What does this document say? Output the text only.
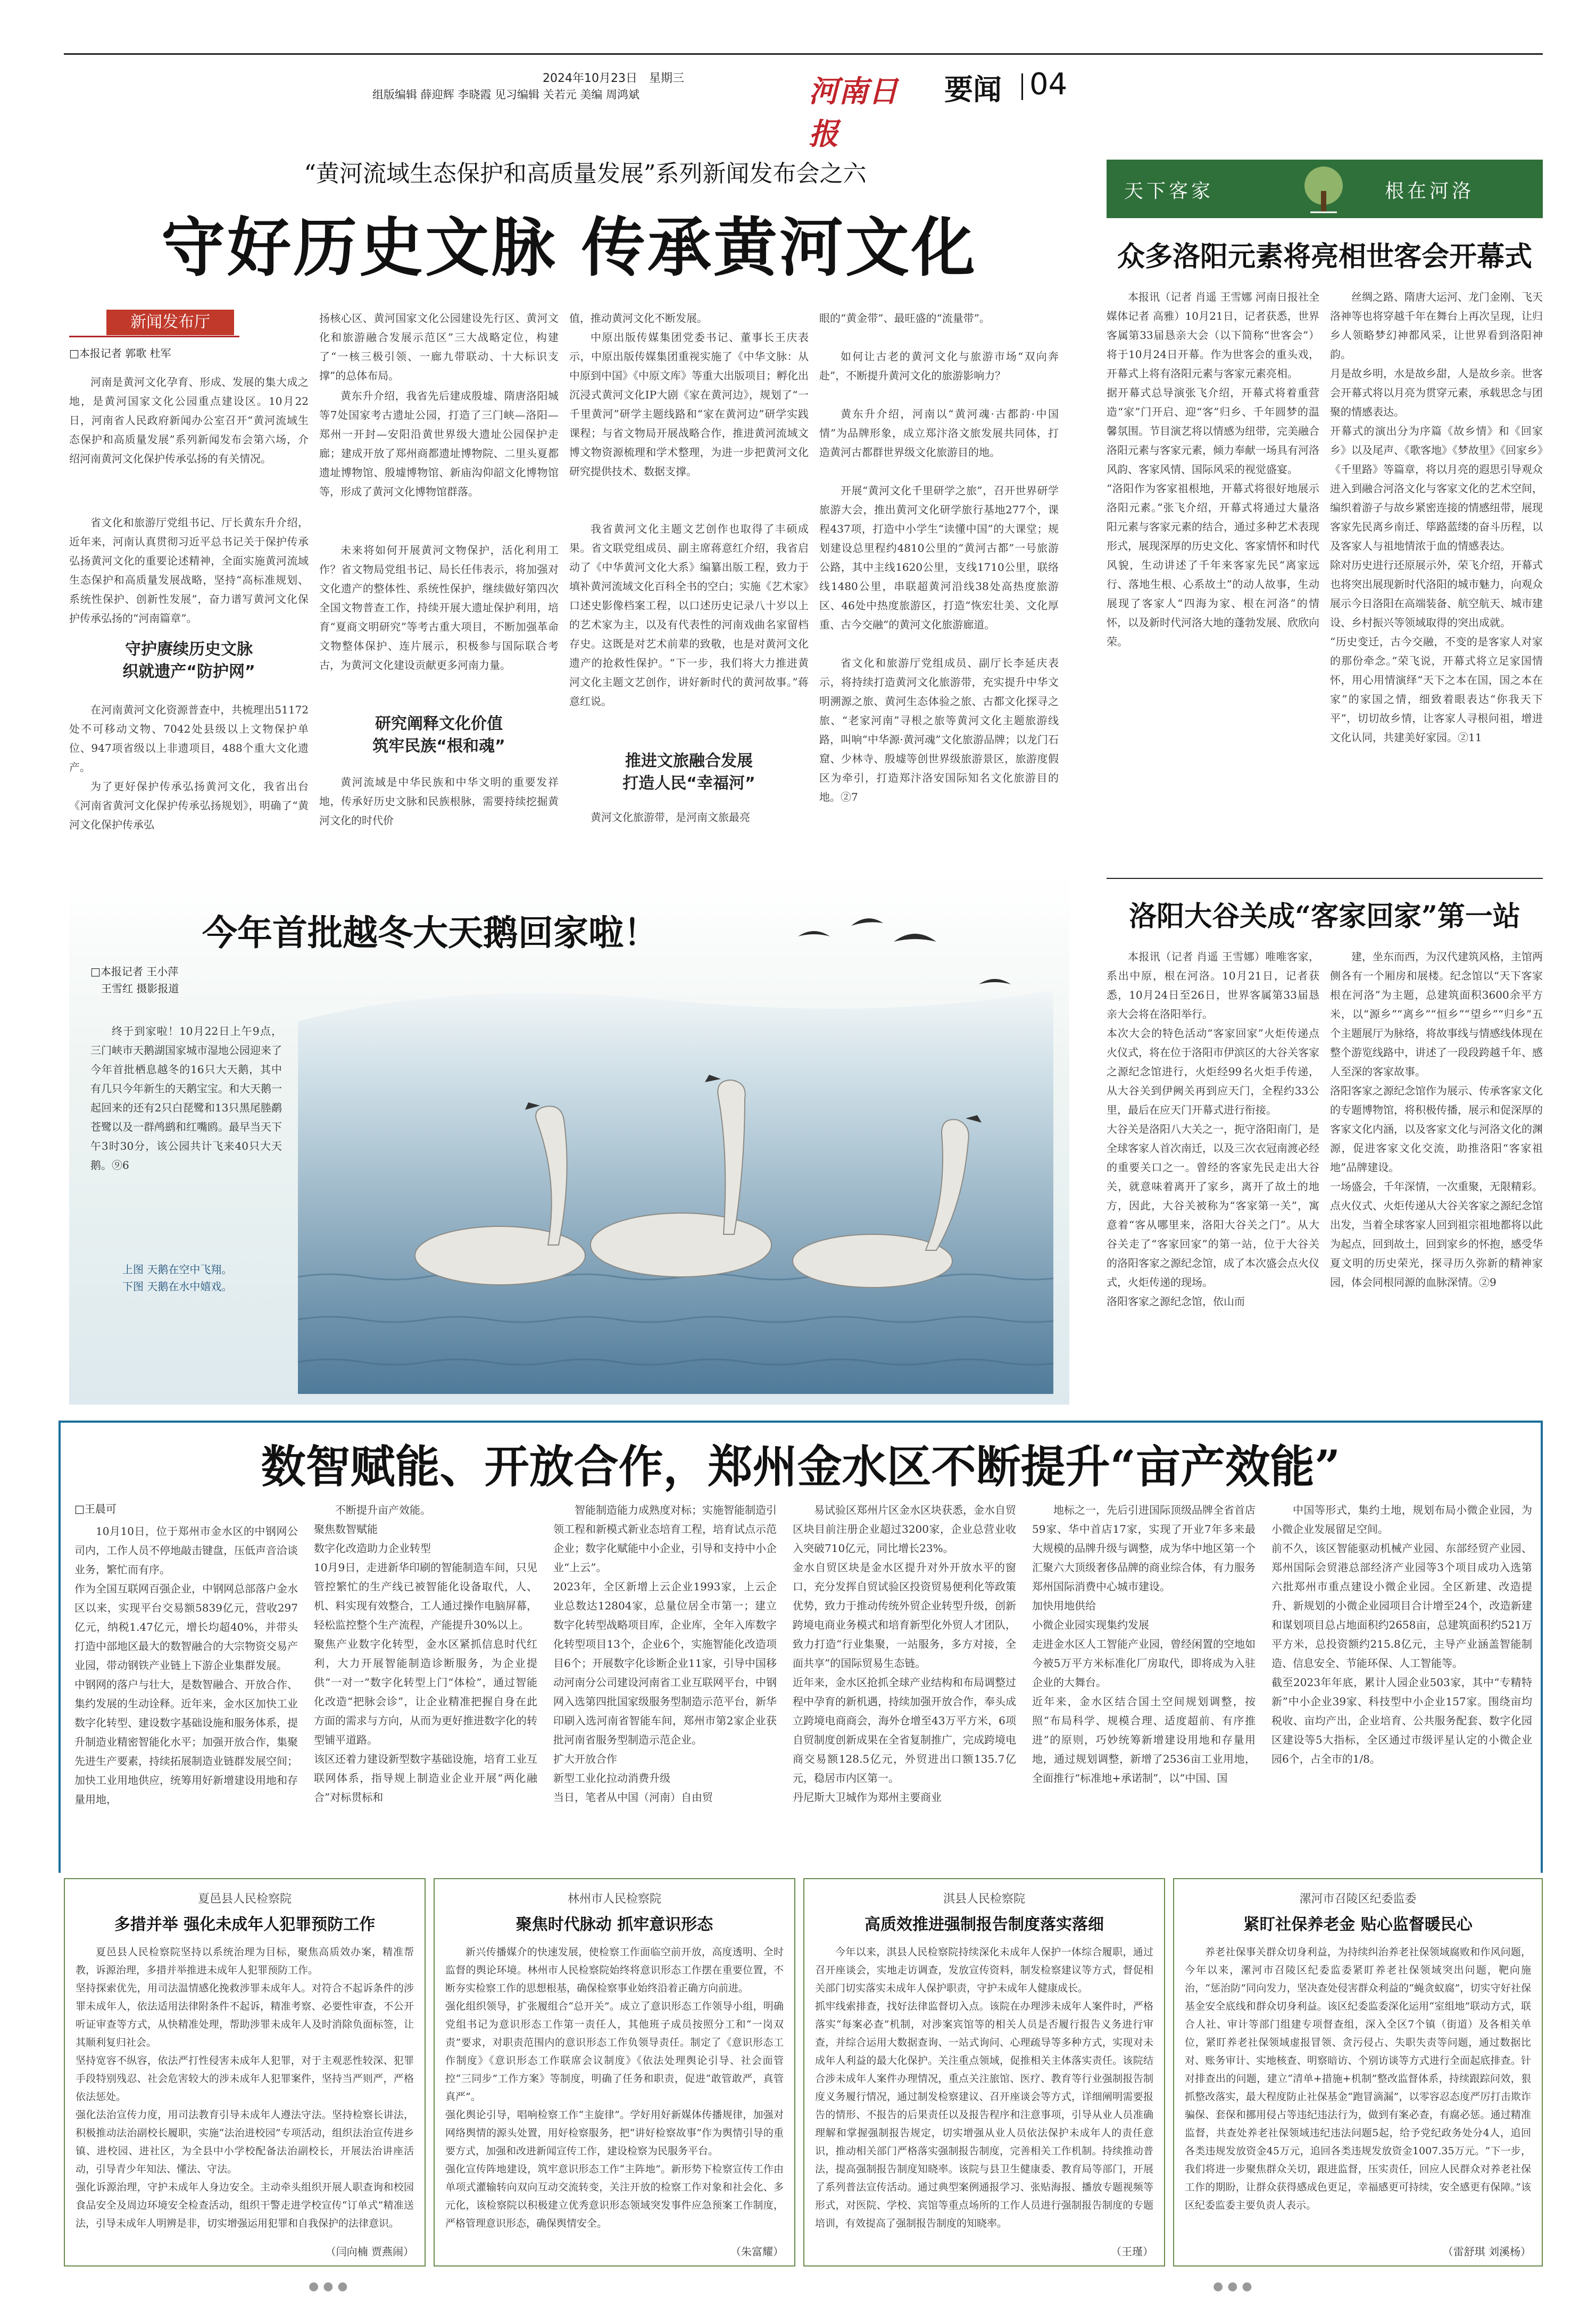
2024年10月23日　星期三
组版编辑 薛迎辉 李晓霞 见习编辑 关若元 美编 周鸿斌	河南日报
要闻 04
“黄河流域生态保护和高质量发展”系列新闻发布会之六
守好历史文脉 传承黄河文化
新闻发布厅
□本报记者 郭歌 杜军
河南是黄河文化孕育、形成、发展的集大成之地，是黄河国家文化公园重点建设区。10月22日，河南省人民政府新闻办公室召开“黄河流域生态保护和高质量发展”系列新闻发布会第六场，介绍河南黄河文化保护传承弘扬的有关情况。
省文化和旅游厅党组书记、厅长黄东升介绍，近年来，河南认真贯彻习近平总书记关于保护传承弘扬黄河文化的重要论述精神，全面实施黄河流域生态保护和高质量发展战略，坚持“高标准规划、系统性保护、创新性发展”，奋力谱写黄河文化保护传承弘扬的“河南篇章”。
守护赓续历史文脉
织就遗产“防护网”
在河南黄河文化资源普查中，共梳理出51172处不可移动文物、7042处县级以上文物保护单位、947项省级以上非遗项目，488个重大文化遗产。
为了更好保护传承弘扬黄河文化，我省出台《河南省黄河文化保护传承弘扬规划》，明确了“黄河文化保护传承弘
扬核心区、黄河国家文化公园建设先行区、黄河文化和旅游融合发展示范区”三大战略定位，构建了“一核三极引领、一廊九带联动、十大标识支撑”的总体布局。
黄东升介绍，我省先后建成殷墟、隋唐洛阳城等7处国家考古遗址公园，打造了三门峡—洛阳—郑州一开封—安阳沿黄世界级大遗址公园保护走廊；建成开放了郑州商都遗址博物院、二里头夏都遗址博物馆、殷墟博物馆、新庙沟仰韶文化博物馆等，形成了黄河文化博物馆群落。
未来将如何开展黄河文物保护，活化利用工作？省文物局党组书记、局长任伟表示，将加强对文化遗产的整体性、系统性保护，继续做好第四次全国文物普查工作，持续开展大遗址保护利用，培育“夏商文明研究”等考古重大项目，不断加强革命文物整体保护、连片展示，积极参与国际联合考古，为黄河文化建设贡献更多河南力量。
研究阐释文化价值
筑牢民族“根和魂”
黄河流域是中华民族和中华文明的重要发祥地，传承好历史文脉和民族根脉，需要持续挖掘黄河文化的时代价
值，推动黄河文化不断发展。
中原出版传媒集团党委书记、董事长王庆表示，中原出版传媒集团重视实施了《中华文脉：从中原到中国》《中原文库》等重大出版项目；孵化出沉浸式黄河文化IP大剧《家在黄河边》，规划了“一千里黄河”研学主题线路和“家在黄河边”研学实践课程；与省文物局开展战略合作，推进黄河流域文博文物资源梳理和学术整理，为进一步把黄河文化研究提供技术、数据支撑。
我省黄河文化主题文艺创作也取得了丰硕成果。省文联党组成员、副主席蒋意红介绍，我省启动了《中华黄河文化大系》编纂出版工程，致力于填补黄河流域文化百科全书的空白；实施《艺术家》口述史影像档案工程，以口述历史记录八十岁以上的艺术家为主，以及有代表性的河南戏曲名家留档存史。这既是对艺术前辈的致敬，也是对黄河文化遗产的抢救性保护。“下一步，我们将大力推进黄河文化主题文艺创作，讲好新时代的黄河故事。”蒋意红说。
推进文旅融合发展
打造人民“幸福河”
黄河文化旅游带，是河南文旅最亮
眼的“黄金带”、最旺盛的“流量带”。
如何让古老的黄河文化与旅游市场“双向奔赴”，不断提升黄河文化的旅游影响力？
黄东升介绍，河南以“黄河魂·古都韵·中国情”为品牌形象，成立郑汴洛文旅发展共同体，打造黄河古都群世界级文化旅游目的地。
开展“黄河文化千里研学之旅”，召开世界研学旅游大会，推出黄河文化研学旅行基地277个，课程437项，打造中小学生“读懂中国”的大课堂；规划建设总里程约4810公里的“黄河古都”一号旅游公路，其中主线1620公里，支线1710公里，联络线1480公里，串联超黄河沿线38处高热度旅游区、46处中热度旅游区，打造“恢宏壮美、文化厚重、古今交融”的黄河文化旅游廊道。
省文化和旅游厅党组成员、副厅长李延庆表示，将持续打造黄河文化旅游带，充实提升中华文明溯源之旅、黄河生态体验之旅、古都文化探寻之旅、“老家河南”寻根之旅等黄河文化主题旅游线路，叫响“中华源·黄河魂”文化旅游品牌；以龙门石窟、少林寺、殷墟等创世界级旅游景区，旅游度假区为牵引，打造郑汴洛安国际知名文化旅游目的地。②7
今年首批越冬大天鹅回家啦！
□本报记者 王小萍
　王雪红 摄影报道
终于到家啦！10月22日上午9点，三门峡市天鹅湖国家城市湿地公园迎来了今年首批栖息越冬的16只大天鹅，其中有几只今年新生的天鹅宝宝。和大天鹅一起回来的还有2只白琵鹭和13只黑尾塍鹬苍鹭以及一群鸬鹚和红嘴鸥。最早当天下午3时30分，该公园共计飞来40只大天鹅。⑨6
上图 天鹅在空中飞翔。
下图 天鹅在水中嬉戏。
天下客家	根在河洛
众多洛阳元素将亮相世客会开幕式
本报讯（记者 肖遥 王雪娜 河南日报社全媒体记者 高雅）10月21日，记者获悉，世界客属第33届恳亲大会（以下简称“世客会”）将于10月24日开幕。作为世客会的重头戏，开幕式上将有洛阳元素与客家元素亮相。
据开幕式总导演张飞介绍，开幕式将着重营造“家”门开启、迎“客”归乡、千年圆梦的温馨氛围。节目演艺将以情感为纽带，完美融合洛阳元素与客家元素，倾力奉献一场具有河洛风韵、客家风情、国际风采的视觉盛宴。
“洛阳作为客家祖根地，开幕式将很好地展示洛阳元素。”张飞介绍，开幕式将通过大量洛阳元素与客家元素的结合，通过多种艺术表现形式，展现深厚的历史文化、客家情怀和时代风貌，生动讲述了千年来客家先民“离家远行、落地生根、心系故土”的动人故事，生动展现了客家人“四海为家、根在河洛”的情怀，以及新时代河洛大地的蓬勃发展、欣欣向荣。
丝绸之路、隋唐大运河、龙门金刚、飞天洛神等也将穿越千年在舞台上再次呈现，让归乡人领略梦幻神都风采，让世界看到洛阳神韵。
月是故乡明，水是故乡甜，人是故乡亲。世客会开幕式将以月亮为贯穿元素，承载思念与团聚的情感表达。
开幕式的演出分为序篇《故乡情》和《回家乡》以及尾声、《歌客地》《梦故里》《回家乡》《千里路》等篇章，将以月亮的遐思引导观众进入到融合河洛文化与客家文化的艺术空间，编织着游子与故乡紧密连接的情感纽带，展现客家先民离乡南迁、筚路蓝缕的奋斗历程，以及客家人与祖地情浓于血的情感表达。
除对历史进行还原展示外，荣飞介绍，开幕式也将突出展现新时代洛阳的城市魅力，向观众展示今日洛阳在高端装备、航空航天、城市建设、乡村振兴等领域取得的突出成就。
“历史变迁，古今交融，不变的是客家人对家的那份牵念。”荣飞说，开幕式将立足家国情怀，用心用情演绎“天下之本在国，国之本在家”的家国之情，细致着眼表达“你我天下平”，切切故乡情，让客家人寻根问祖，增进文化认同，共建美好家园。②11
洛阳大谷关成“客家回家”第一站
本报讯（记者 肖遥 王雪娜）唯唯客家，系出中原，根在河洛。10月21日，记者获悉，10月24日至26日，世界客属第33届恳亲大会将在洛阳举行。
本次大会的特色活动“客家回家”火炬传递点火仪式，将在位于洛阳市伊滨区的大谷关客家之源纪念馆进行，火炬经99名火炬手传递，从大谷关到伊阙关再到应天门，全程约33公里，最后在应天门开幕式进行衔接。
大谷关是洛阳八大关之一，扼守洛阳南门，是全球客家人首次南迁，以及三次衣冠南渡必经的重要关口之一。曾经的客家先民走出大谷关，就意味着离开了家乡，离开了故土的地方，因此，大谷关被称为“客家第一关”，寓意着“客从哪里来，洛阳大谷关之门”。从大谷关走了“客家回家”的第一站，位于大谷关的洛阳客家之源纪念馆，成了本次盛会点火仪式，火炬传递的现场。
洛阳客家之源纪念馆，依山而
建，坐东而西，为汉代建筑风格，主馆两侧各有一个厢房和展楼。纪念馆以“天下客家 根在河洛”为主题，总建筑面积3600余平方米，以“源乡”“离乡”“恒乡”“望乡”“归乡”五个主题展厅为脉络，将故事线与情感线体现在整个游览线路中，讲述了一段段跨越千年、感人至深的客家故事。
洛阳客家之源纪念馆作为展示、传承客家文化的专题博物馆，将积极传播，展示和促深厚的客家文化内涵，以及客家文化与河洛文化的渊源，促进客家文化交流，助推洛阳“客家祖地”品牌建设。
一场盛会，千年深情，一次重聚，无限精彩。点火仪式、火炬传递从大谷关客家之源纪念馆出发，当着全球客家人回到祖宗祖地都将以此为起点，回到故土，回到家乡的怀抱，感受华夏文明的历史荣光，探寻历久弥新的精神家园，体会同根同源的血脉深情。②9
数智赋能、开放合作，郑州金水区不断提升“亩产效能”
□王晨可
10月10日，位于郑州市金水区的中钢网公司内，工作人员不停地敲击键盘，压低声音洽谈业务，繁忙而有序。
作为全国互联网百强企业，中钢网总部落户金水区以来，实现平台交易额5839亿元，营收297亿元，纳税1.47亿元，增长均超40%，并带头打造中部地区最大的数智融合的大宗物资交易产业园，带动钢铁产业链上下游企业集群发展。
中钢网的落户与壮大，是数智融合、开放合作、集约发展的生动诠释。近年来，金水区加快工业数字化转型、建设数字基础设施和服务体系，提升制造业精密智能化水平；加强开放合作，集聚先进生产要素，持续拓展制造业链群发展空间；加快工业用地供应，统筹用好新增建设用地和存量用地，
不断提升亩产效能。
聚焦数智赋能
数字化改造助力企业转型
10月9日，走进新华印刷的智能制造车间，只见管控繁忙的生产线已被智能化设备取代，人、机、料实现有效整合，工人通过操作电脑屏幕，轻松监控整个生产流程，产能提升30%以上。
聚焦产业数字化转型，金水区紧抓信息时代红利，大力开展智能制造诊断服务，为企业提供“一对一”数字化转型上门“体检”，通过智能化改造“把脉会诊”，让企业精准把握自身在此方面的需求与方向，从而为更好推进数字化的转型铺平道路。
该区还着力建设新型数字基础设施，培育工业互联网体系，指导规上制造业企业开展“两化融合”对标贯标和
智能制造能力成熟度对标；实施智能制造引领工程和新模式新业态培育工程，培育试点示范企业；数字化赋能中小企业，引导和支持中小企业“上云”。
2023年，全区新增上云企业1993家，上云企业总数达12804家，总量位居全市第一；建立数字化转型战略项目库，企业库，全年入库数字化转型项目13个，企业6个，实施智能化改造项目6个；开展数字化诊断企业11家，引导中国移动河南分公司建设河南省工业互联网平台，中钢网入选第四批国家级服务型制造示范平台，新华印刷入选河南省智能车间，郑州市第2家企业获批河南省服务型制造示范企业。
扩大开放合作
新型工业化拉动消费升级
当日，笔者从中国（河南）自由贸
易试验区郑州片区金水区块获悉，金水自贸区块目前注册企业超过3200家，企业总营业收入突破710亿元，同比增长23%。
金水自贸区块是金水区提升对外开放水平的窗口，充分发挥自贸试验区投资贸易便利化等政策优势，致力于推动传统外贸企业转型升级，创新跨境电商业务模式和培育新型化外贸人才团队，致力打造“行业集聚，一站服务，多方对接，全面共享”的国际贸易生态链。
近年来，金水区抢抓全球产业结构和布局调整过程中孕育的新机遇，持续加强开放合作，奉头成立跨境电商商会，海外仓增至43万平方米，6项自贸制度创新成果在全省复制推广，完成跨境电商交易额128.5亿元，外贸进出口额135.7亿元，稳居市内区第一。
丹尼斯大卫城作为郑州主要商业
地标之一，先后引进国际顶级品牌全省首店59家、华中首店17家，实现了开业7年多来最大规模的品牌升级与调整，成为华中地区第一个汇聚六大顶级奢侈品牌的商业综合体，有力服务郑州国际消费中心城市建设。
加快用地供给
小微企业园实现集约发展
走进金水区人工智能产业园，曾经闲置的空地如今被5万平方米标准化厂房取代，即将成为入驻企业的大舞台。
近年来，金水区结合国土空间规划调整，按照“布局科学、规模合理、适度超前、有序推进”的原则，巧妙统筹新增建设用地和存量用地，通过规划调整，新增了2536亩工业用地，全面推行“标准地+承诺制”，以“中国、国
中国等形式，集约土地，规划布局小微企业园，为小微企业发展留足空间。
前不久，该区智能驱动机械产业园、东部经贸产业园、郑州国际会贸港总部经济产业园等3个项目成功入选第六批郑州市重点建设小微企业园。全区新建、改造提升、新规划的小微企业园项目合计增至24个，改造新建和谋划项目总占地面积约2658亩，总建筑面积约521万平方米，总投资额约215.8亿元，主导产业涵盖智能制造、信息安全、节能环保、人工智能等。
截至2023年年底，累计人园企业503家，其中“专精特新”中小企业39家、科技型中小企业157家。围绕亩均税收、亩均产出，企业培育、公共服务配套、数字化园区建设等5大指标，全区通过市级评星认定的小微企业园6个，占全市的1/8。
夏邑县人民检察院
多措并举 强化未成年人犯罪预防工作
夏邑县人民检察院坚持以系统治理为目标，聚焦高质效办案，精准帮教，诉源治理，多措并举推进未成年人犯罪预防工作。
坚持探索优先，用司法温情感化挽救涉罪未成年人。对符合不起诉条件的涉罪未成年人，依法适用法律附条件不起诉，精准考察、必要性审查，不公开听证审查等方式，从快精准处理，帮助涉罪未成年人及时消除负面标签，让其顺利复归社会。
坚持宽容不纵容，依法严打性侵害未成年人犯罪，对于主观恶性较深、犯罪手段特别残忍、社会危害较大的涉未成年人犯罪案件，坚持当严则严，严格依法惩处。
强化法治宣传力度，用司法教育引导未成年人遵法守法。坚持检察长讲法，积极推动法治副校长履职，实施“法治进校园”专项活动，组织法治宣传进乡镇、进校园、进社区，为全县中小学校配备法治副校长，开展法治讲座活动，引导青少年知法、懂法、守法。
强化诉源治理，守护未成年人身边安全。主动牵头组织开展人职查询和校园食品安全及周边环境安全检查活动，组织干警走进学校宣传“订单式”精准送法，引导未成年人明辨是非，切实增强运用犯罪和自我保护的法律意识。
（闫向楠 贾燕闹）
林州市人民检察院
聚焦时代脉动 抓牢意识形态
新兴传播媒介的快速发展，使检察工作面临空前开放，高度透明、全时监督的舆论环境。林州市人民检察院始终将意识形态工作摆在重要位置，不断夯实检察工作的思想根基，确保检察事业始终沿着正确方向前进。
强化组织领导，扩张履组合“总开关”。成立了意识形态工作领导小组，明确党组书记为意识形态工作第一责任人，其他班子成员按照分工和“一岗双责”要求，对职责范围内的意识形态工作负领导责任。制定了《意识形态工作制度》《意识形态工作联席会议制度》《依法处理舆论引导、社会面管控“三同步”工作方案》等制度，明确了任务和职责，促进“敢管敢严，真管真严”。
强化舆论引导，唱响检察工作“主旋律”。学好用好新媒体传播规律，加强对网络舆情的源头处置，用好检察服务，把“讲好检察故事”作为舆情引导的重要方式，加强和改进新闻宣传工作，建设检察为民服务平台。
强化宣传阵地建设，筑牢意识形态工作“主阵地”。新形势下检察宣传工作由单项式灌输转向双向互动交流转变，关注开放的检察工作对象和社会化、多元化，该检察院以积极建立优秀意识形态领域突发事件应急预案工作制度，严格管理意识形态，确保舆情安全。
（朱富耀）
淇县人民检察院
高质效推进强制报告制度落实落细
今年以来，淇县人民检察院持续深化未成年人保护一体综合履职，通过召开座谈会，实地走访调查，发放宣传资料，制发检察建议等方式，督促相关部门切实落实未成年人保护职责，守护未成年人健康成长。
抓牢线索排查，找好法律监督切入点。该院在办理涉未成年人案件时，严格落实“每案必查”机制，对涉案宾馆等的相关人员是否履行报告义务进行审查，并综合运用大数据查询、一站式询问、心理疏导等多种方式，实现对未成年人利益的最大化保护。关注重点领域，促推相关主体落实责任。该院结合涉未成年人案件办理情况，重点关注旅馆、医疗、教育等行业强制报告制度义务履行情况，通过制发检察建议、召开座谈会等方式，详细阐明需要报告的情形、不报告的后果责任以及报告程序和注意事项，引导从业人员准确理解和掌握强制报告规定，切实增强从业人员依法保护未成年人的责任意识，推动相关部门严格落实强制报告制度，完善相关工作机制。持续推动普法，提高强制报告制度知晓率。该院与县卫生健康委、教育局等部门，开展了系列普法宣传活动。通过典型案例通报学习、张贴海报、播放专题视频等形式，对医院、学校、宾馆等重点场所的工作人员进行强制报告制度的专题培训，有效提高了强制报告制度的知晓率。
（王瑾）
漯河市召陵区纪委监委
紧盯社保养老金 贴心监督暖民心
养老社保事关群众切身利益，为持续纠治养老社保领域腐败和作风问题，今年以来，漯河市召陵区纪委监委紧盯养老社保领域突出问题，靶向施治，“惩治防”同向发力，坚决查处侵害群众利益的“蝇贪蚁腐”，切实守好社保基金安全底线和群众切身利益。该区纪委监委深化运用“室组地”联动方式，联合人社、审计等部门组建专项督查组，深入全区7个镇（街道）及各相关单位，紧盯养老社保领域虚报冒领、贪污侵占、失职失责等问题，通过数据比对、账务审计、实地核查、明察暗访、个别访谈等方式进行全面起底排查。针对排查出的问题，建立“清单+措施+机制”整改监督体系，持续跟踪问效，狠抓整改落实，最大程度防止社保基金“跑冒滴漏”，以零容忍态度严厉打击欺诈骗保、套保和挪用侵占等违纪违法行为，做到有案必查，有腐必惩。通过精准监督，共查处养老社保领域违纪违法问题5起，给予党纪政务处分4人，追回各类违规发放资金45万元，追回各类违规发放资金1007.35万元。“下一步，我们将进一步聚焦群众关切，跟进监督，压实责任，回应人民群众对养老社保工作的期盼，让群众获得感成色更足，幸福感更可持续，安全感更有保障。”该区纪委监委主要负责人表示。
（雷舒琪 刘溪杨）
●●●	●●●
